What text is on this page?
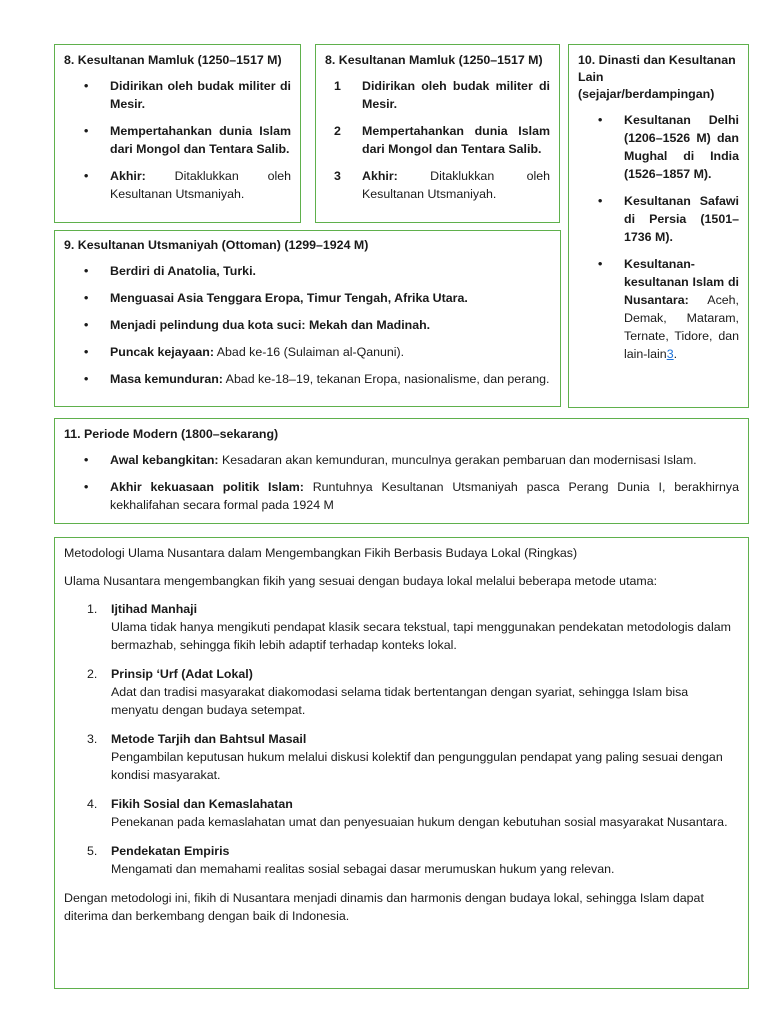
8. Kesultanan Mamluk (1250–1517 M)
• Didirikan oleh budak militer di Mesir.
• Mempertahankan dunia Islam dari Mongol dan Tentara Salib.
• Akhir: Ditaklukkan oleh Kesultanan Utsmaniyah.
8. Kesultanan Mamluk (1250–1517 M)
1 Didirikan oleh budak militer di Mesir.
2 Mempertahankan dunia Islam dari Mongol dan Tentara Salib.
3 Akhir: Ditaklukkan oleh Kesultanan Utsmaniyah.
10. Dinasti dan Kesultanan Lain
(sejajar/berdampingan)
• Kesultanan Delhi (1206–1526 M) dan Mughal di India (1526–1857 M).
• Kesultanan Safawi di Persia (1501–1736 M).
• Kesultanan-kesultanan Islam di Nusantara: Aceh, Demak, Mataram, Ternate, Tidore, dan lain-lain3.
9. Kesultanan Utsmaniyah (Ottoman) (1299–1924 M)
• Berdiri di Anatolia, Turki.
• Menguasai Asia Tenggara Eropa, Timur Tengah, Afrika Utara.
• Menjadi pelindung dua kota suci: Mekah dan Madinah.
• Puncak kejayaan: Abad ke-16 (Sulaiman al-Qanuni).
• Masa kemunduran: Abad ke-18–19, tekanan Eropa, nasionalisme, dan perang.
11. Periode Modern (1800–sekarang)
• Awal kebangkitan: Kesadaran akan kemunduran, munculnya gerakan pembaruan dan modernisasi Islam.
• Akhir kekuasaan politik Islam: Runtuhnya Kesultanan Utsmaniyah pasca Perang Dunia I, berakhirnya kekhalifahan secara formal pada 1924 M

Metodologi Ulama Nusantara dalam Mengembangkan Fikih Berbasis Budaya Lokal (Ringkas)

Ulama Nusantara mengembangkan fikih yang sesuai dengan budaya lokal melalui beberapa metode utama:

1. Ijtihad Manhaji
Ulama tidak hanya mengikuti pendapat klasik secara tekstual, tapi menggunakan pendekatan metodologis dalam bermazhab, sehingga fikih lebih adaptif terhadap konteks lokal.
2. Prinsip ‘Urf (Adat Lokal)
Adat dan tradisi masyarakat diakomodasi selama tidak bertentangan dengan syariat, sehingga Islam bisa menyatu dengan budaya setempat.
3. Metode Tarjih dan Bahtsul Masail
Pengambilan keputusan hukum melalui diskusi kolektif dan pengunggulan pendapat yang paling sesuai dengan kondisi masyarakat.
4. Fikih Sosial dan Kemaslahatan
Penekanan pada kemaslahatan umat dan penyesuaian hukum dengan kebutuhan sosial masyarakat Nusantara.
5. Pendekatan Empiris
Mengamati dan memahami realitas sosial sebagai dasar merumuskan hukum yang relevan.

Dengan metodologi ini, fikih di Nusantara menjadi dinamis dan harmonis dengan budaya lokal, sehingga Islam dapat diterima dan berkembang dengan baik di Indonesia.
